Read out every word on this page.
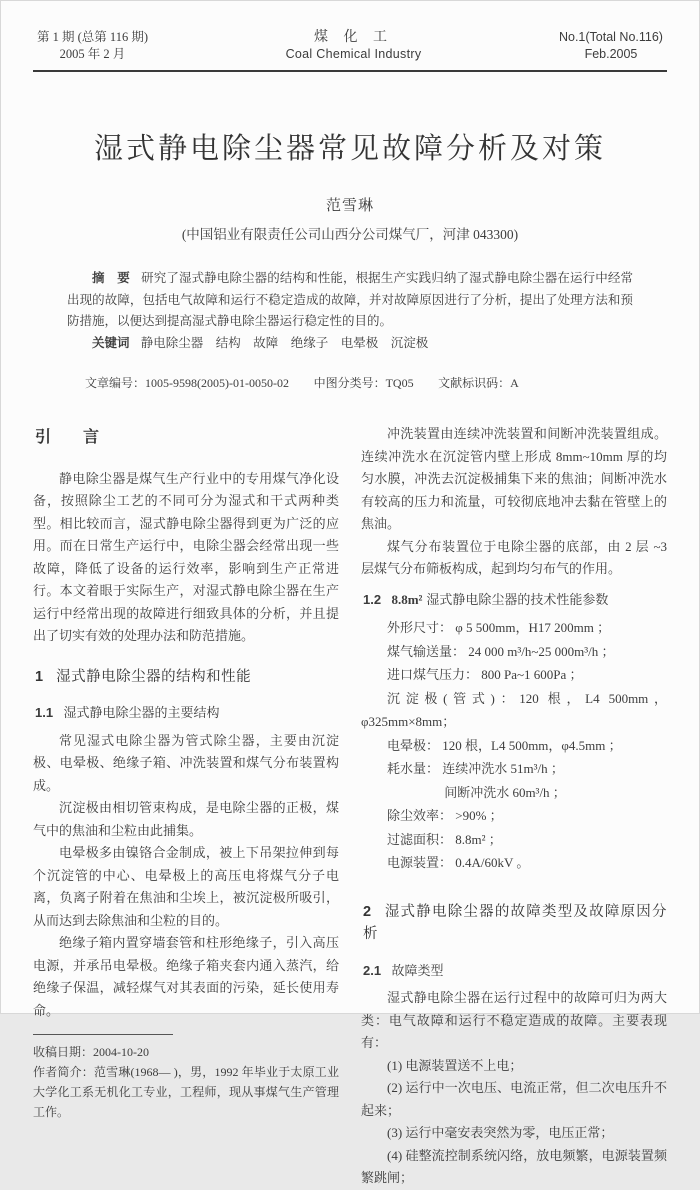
第 1 期 (总第 116 期)
2005 年 2 月
煤 化 工
Coal Chemical Industry
No.1(Total No.116)
Feb.2005
湿式静电除尘器常见故障分析及对策
范雪琳
(中国铝业有限责任公司山西分公司煤气厂，河津 043300)

摘　要 研究了湿式静电除尘器的结构和性能，根据生产实践归纳了湿式静电除尘器在运行中经常出现的故障，包括电气故障和运行不稳定造成的故障，并对故障原因进行了分析，提出了处理方法和预防措施，以便达到提高湿式静电除尘器运行稳定性的目的。

关键词 静电除尘器　结构　故障　绝缘子　电晕极　沉淀极
文章编号：1005-9598(2005)-01-0050-02 中图分类号：TQ05 文献标识码：A
引　　言

静电除尘器是煤气生产行业中的专用煤气净化设备，按照除尘工艺的不同可分为湿式和干式两种类型。相比较而言，湿式静电除尘器得到更为广泛的应用。而在日常生产运行中，电除尘器会经常出现一些故障，降低了设备的运行效率，影响到生产正常进行。本文着眼于实际生产，对湿式静电除尘器在生产运行中经常出现的故障进行细致具体的分析，并且提出了切实有效的处理办法和防范措施。

1 湿式静电除尘器的结构和性能
1.1 湿式静电除尘器的主要结构

常见湿式电除尘器为管式除尘器，主要由沉淀极、电晕极、绝缘子箱、冲洗装置和煤气分布装置构成。

沉淀极由相切管束构成，是电除尘器的正极，煤气中的焦油和尘粒由此捕集。

电晕极多由镍铬合金制成，被上下吊架拉伸到每个沉淀管的中心、电晕极上的高压电将煤气分子电离，负离子附着在焦油和尘埃上，被沉淀极所吸引，从而达到去除焦油和尘粒的目的。

绝缘子箱内置穿墙套管和柱形绝缘子，引入高压电源，并承吊电晕极。绝缘子箱夹套内通入蒸汽，给绝缘子保温，减轻煤气对其表面的污染，延长使用寿命。

收稿日期：2004-10-20

作者简介：范雪琳(1968— )，男，1992 年毕业于太原工业大学化工系无机化工专业，工程师，现从事煤气生产管理工作。

冲洗装置由连续冲洗装置和间断冲洗装置组成。连续冲洗水在沉淀管内壁上形成 8mm~10mm 厚的均匀水膜，冲洗去沉淀极捕集下来的焦油；间断冲洗水有较高的压力和流量，可较彻底地冲去黏在管壁上的焦油。

煤气分布装置位于电除尘器的底部，由 2 层 ~3 层煤气分布筛板构成，起到均匀布气的作用。

1.2 8.8m² 湿式静电除尘器的技术性能参数

外形尺寸： φ 5 500mm，H17 200mm ；

煤气输送量： 24 000 m³/h~25 000m³/h ；

进口煤气压力： 800 Pa~1 600Pa ；

沉淀极(管式)：120 根，L4 500mm，φ325mm×8mm；

电晕极： 120 根，L4 500mm，φ4.5mm ；

耗水量： 连续冲洗水 51m³/h ；

间断冲洗水 60m³/h ；

除尘效率： >90% ；

过滤面积： 8.8m² ；

电源装置： 0.4A/60kV 。

2 湿式静电除尘器的故障类型及故障原因分析
2.1 故障类型

湿式静电除尘器在运行过程中的故障可归为两大类：电气故障和运行不稳定造成的故障。主要表现有：

(1) 电源装置送不上电；

(2) 运行中一次电压、电流正常，但二次电压升不起来；

(3) 运行中毫安表突然为零，电压正常；

(4) 硅整流控制系统闪络，放电频繁，电源装置频繁跳闸；
